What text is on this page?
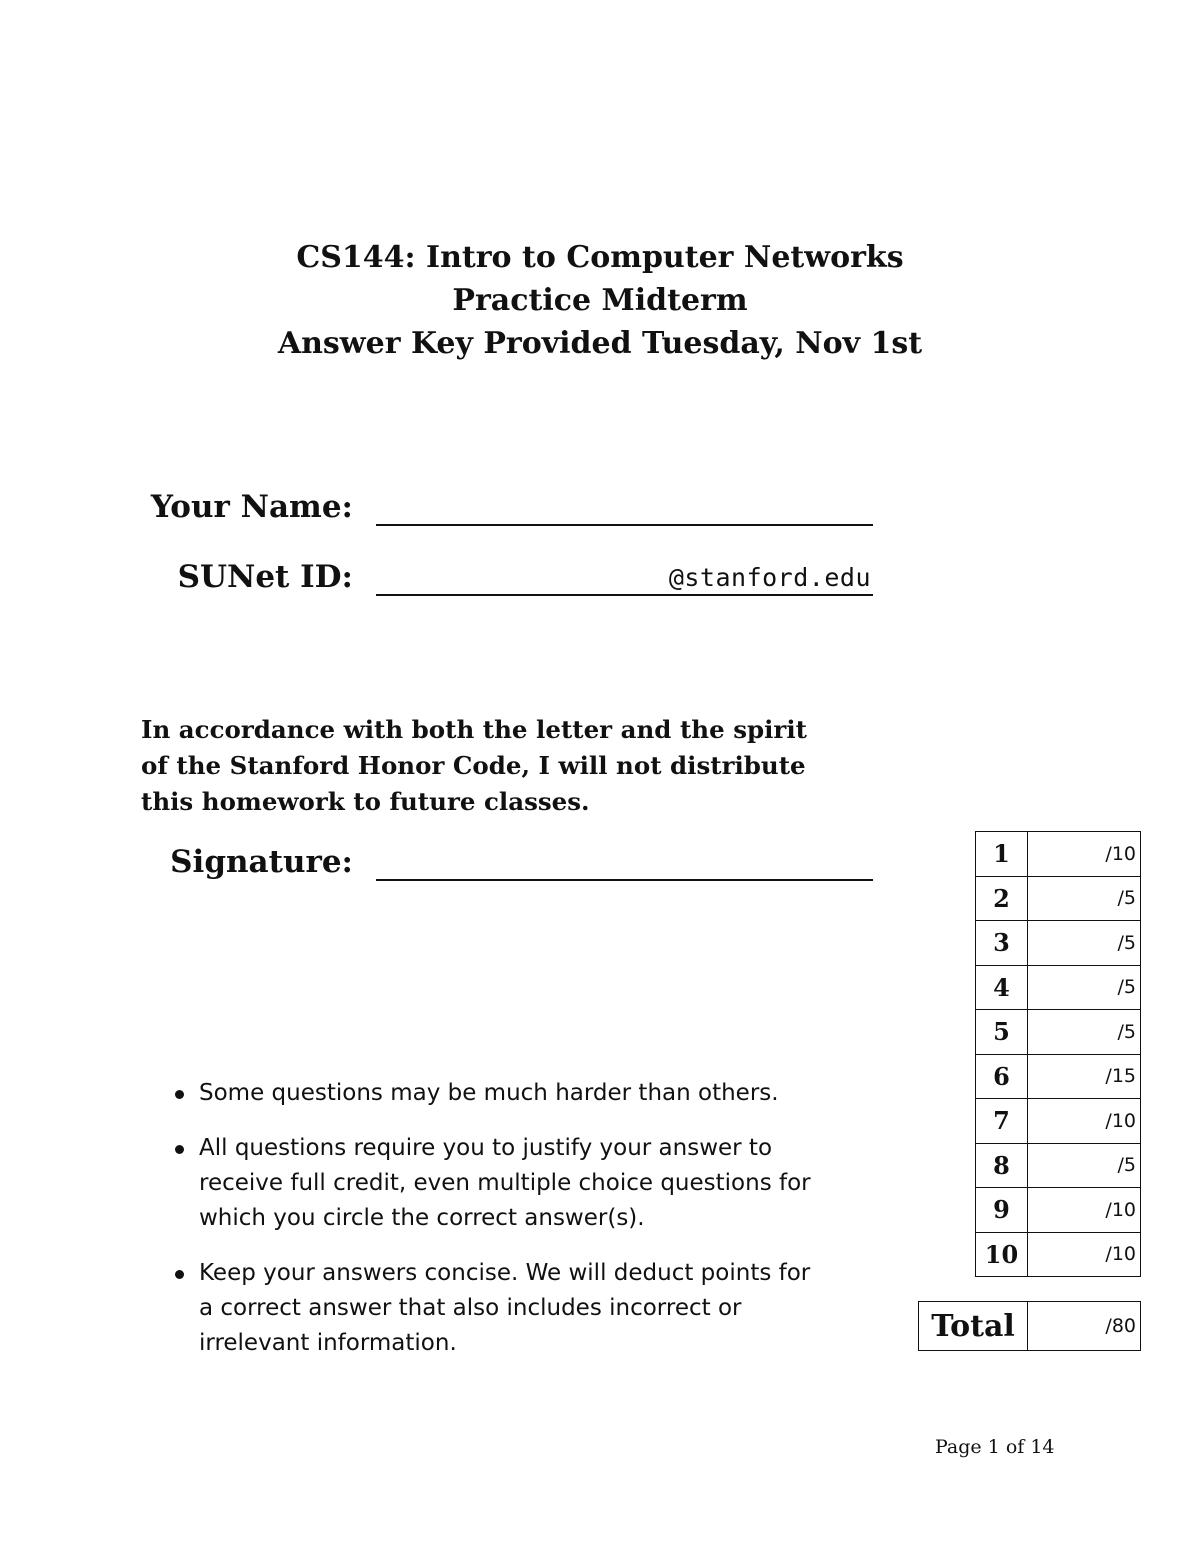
CS144: Intro to Computer Networks

Practice Midterm

Answer Key Provided Tuesday, Nov 1st

Your Name:
SUNet ID:	@stanford.edu

In accordance with both the letter and the spirit
of the Stanford Honor Code, I will not distribute
this homework to future classes.

Signature:
Some questions may be much harder than others.
All questions require you to justify your answer to
receive full credit, even multiple choice questions for
which you circle the correct answer(s).
Keep your answers concise. We will deduct points for
a correct answer that also includes incorrect or
irrelevant information.
1	/10
2	/5
3	/5
4	/5
5	/5
6	/15
7	/10
8	/5
9	/10
10	/10
Total	/80
Page 1 of 14
